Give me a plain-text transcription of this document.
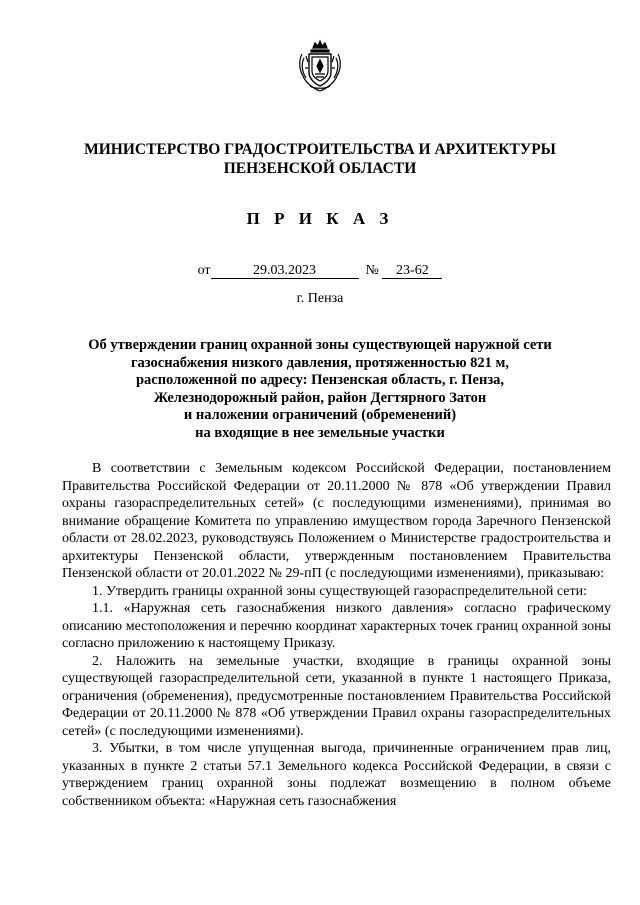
МИНИСТЕРСТВО ГРАДОСТРОИТЕЛЬСТВА И АРХИТЕКТУРЫ
ПЕНЗЕНСКОЙ ОБЛАСТИ
П Р И К А З
от	29.03.2023	№ 23-62
г. Пенза
Об утверждении границ охранной зоны существующей наружной сети
газоснабжения низкого давления, протяженностью 821 м,
расположенной по адресу: Пензенская область, г. Пенза,
Железнодорожный район, район Дегтярного Затон
и наложении ограничений (обременений)
на входящие в нее земельные участки

В соответствии с Земельным кодексом Российской Федерации, постановлением Правительства Российской Федерации от 20.11.2000 № 878 «Об утверждении Правил охраны газораспределительных сетей» (с последующими изменениями), принимая во внимание обращение Комитета по управлению имуществом города Заречного Пензенской области от 28.02.2023, руководствуясь Положением о Министерстве градостроительства и архитектуры Пензенской области, утвержденным постановлением Правительства Пензенской области от 20.01.2022 № 29-пП (с последующими изменениями), приказываю:

1. Утвердить границы охранной зоны существующей газораспределительной сети:

1.1. «Наружная сеть газоснабжения низкого давления» согласно графическому описанию местоположения и перечню координат характерных точек границ охранной зоны согласно приложению к настоящему Приказу.

2. Наложить на земельные участки, входящие в границы охранной зоны существующей газораспределительной сети, указанной в пункте 1 настоящего Приказа, ограничения (обременения), предусмотренные постановлением Правительства Российской Федерации от 20.11.2000 № 878 «Об утверждении Правил охраны газораспределительных сетей» (с последующими изменениями).

3. Убытки, в том числе упущенная выгода, причиненные ограничением прав лиц, указанных в пункте 2 статьи 57.1 Земельного кодекса Российской Федерации, в связи с утверждением границ охранной зоны подлежат возмещению в полном объеме собственником объекта: «Наружная сеть газоснабжения
